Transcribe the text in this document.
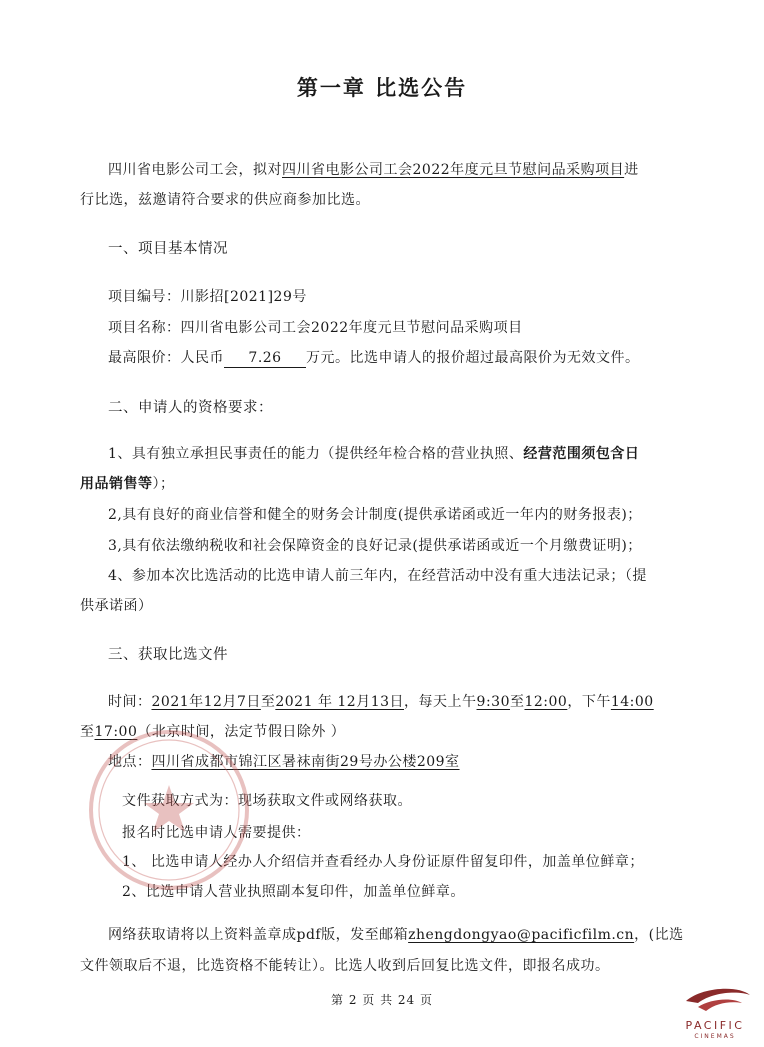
第一章 比选公告
四川省电影公司工会，拟对四川省电影公司工会2022年度元旦节慰问品采购项目进
行比选，兹邀请符合要求的供应商参加比选。
一、项目基本情况
项目编号：川影招[2021]29号
项目名称：四川省电影公司工会2022年度元旦节慰问品采购项目
最高限价：人民币 7.26 万元。比选申请人的报价超过最高限价为无效文件。
二、申请人的资格要求：
1、具有独立承担民事责任的能力（提供经年检合格的营业执照、经营范围须包含日
用品销售等）；
2,具有良好的商业信誉和健全的财务会计制度(提供承诺函或近一年内的财务报表)；
3,具有依法缴纳税收和社会保障资金的良好记录(提供承诺函或近一个月缴费证明)；
4、参加本次比选活动的比选申请人前三年内，在经营活动中没有重大违法记录；（提
供承诺函）
三、获取比选文件
时间：2021年12月7日至2021 年 12月13日，每天上午9:30至12:00，下午14:00
至17:00（北京时间，法定节假日除外 ）
地点：四川省成都市锦江区暑袜南街29号办公楼209室
文件获取方式为：现场获取文件或网络获取。
报名时比选申请人需要提供：
1、 比选申请人经办人介绍信并查看经办人身份证原件留复印件，加盖单位鲜章；
2、比选申请人营业执照副本复印件，加盖单位鲜章。
网络获取请将以上资料盖章成pdf版，发至邮箱zhengdongyao@pacificfilm.cn，(比选
文件领取后不退，比选资格不能转让）。比选人收到后回复比选文件，即报名成功。
第 2 页 共 24 页
PACIFIC
CINEMAS
